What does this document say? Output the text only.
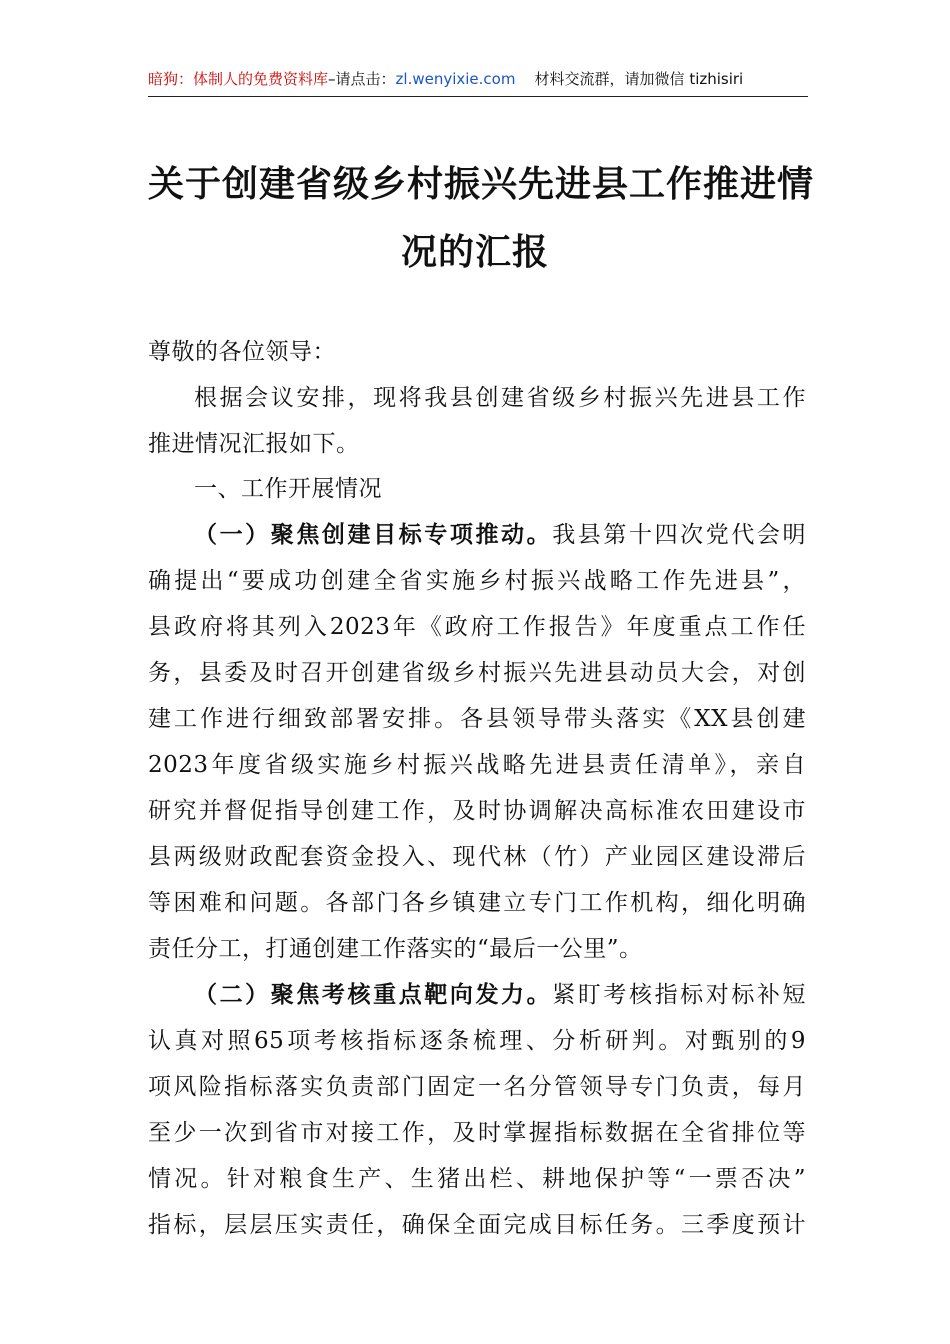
暗狗：体制人的免费资料库–请点击：zl.wenyixie.com 材料交流群，请加微信 tizhisiri
关于创建省级乡村振兴先进县工作推进情
况的汇报
尊敬的各位领导：
根据会议安排，现将我县创建省级乡村振兴先进县工作
推进情况汇报如下。
一、工作开展情况
（一）聚焦创建目标专项推动。我县第十四次党代会明
确提出“要成功创建全省实施乡村振兴战略工作先进县”，
县政府将其列入2023年《政府工作报告》年度重点工作任
务，县委及时召开创建省级乡村振兴先进县动员大会，对创
建工作进行细致部署安排。各县领导带头落实《XX县创建
2023年度省级实施乡村振兴战略先进县责任清单》，亲自
研究并督促指导创建工作，及时协调解决高标准农田建设市
县两级财政配套资金投入、现代林（竹）产业园区建设滞后
等困难和问题。各部门各乡镇建立专门工作机构，细化明确
责任分工，打通创建工作落实的“最后一公里”。
（二）聚焦考核重点靶向发力。紧盯考核指标对标补短
认真对照65项考核指标逐条梳理、分析研判。对甄别的9
项风险指标落实负责部门固定一名分管领导专门负责，每月
至少一次到省市对接工作，及时掌握指标数据在全省排位等
情况。针对粮食生产、生猪出栏、耕地保护等“一票否决”
指标，层层压实责任，确保全面完成目标任务。三季度预计
